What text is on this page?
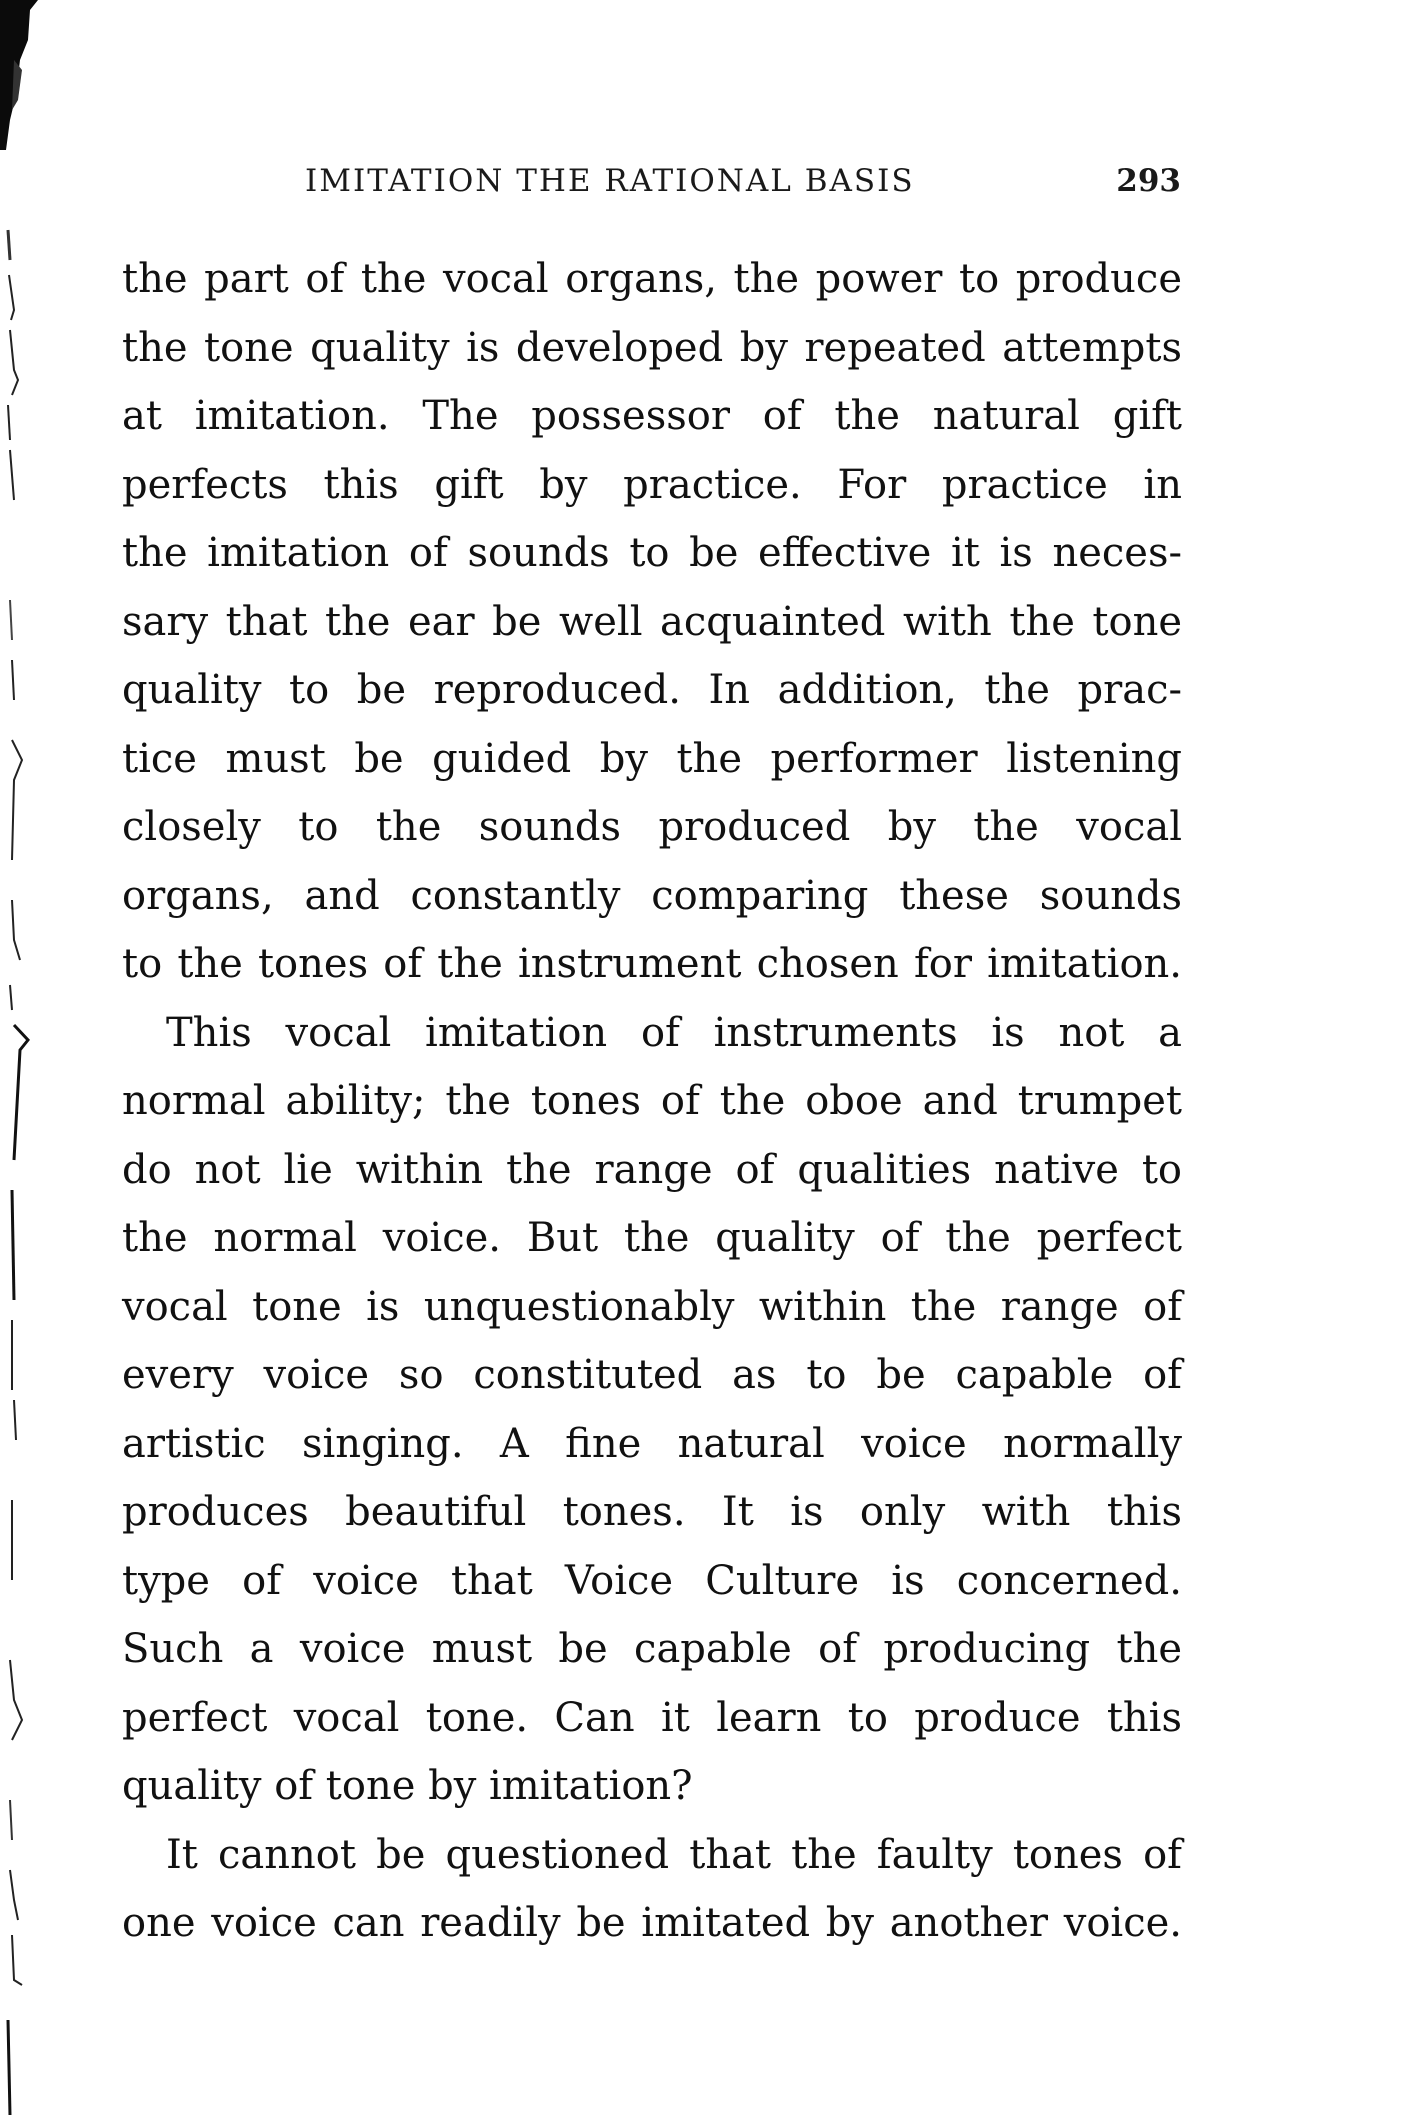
IMITATION THE RATIONAL BASIS	293
the part of the vocal organs, the power to produce
the tone quality is developed by repeated attempts
at imitation. The possessor of the natural gift
perfects this gift by practice. For practice in
the imitation of sounds to be effective it is neces-
sary that the ear be well acquainted with the tone
quality to be reproduced. In addition, the prac-
tice must be guided by the performer listening
closely to the sounds produced by the vocal
organs, and constantly comparing these sounds
to the tones of the instrument chosen for imitation.
This vocal imitation of instruments is not a
normal ability; the tones of the oboe and trumpet
do not lie within the range of qualities native to
the normal voice. But the quality of the perfect
vocal tone is unquestionably within the range of
every voice so constituted as to be capable of
artistic singing. A fine natural voice normally
produces beautiful tones. It is only with this
type of voice that Voice Culture is concerned.
Such a voice must be capable of producing the
perfect vocal tone. Can it learn to produce this
quality of tone by imitation?
It cannot be questioned that the faulty tones of
one voice can readily be imitated by another voice.
